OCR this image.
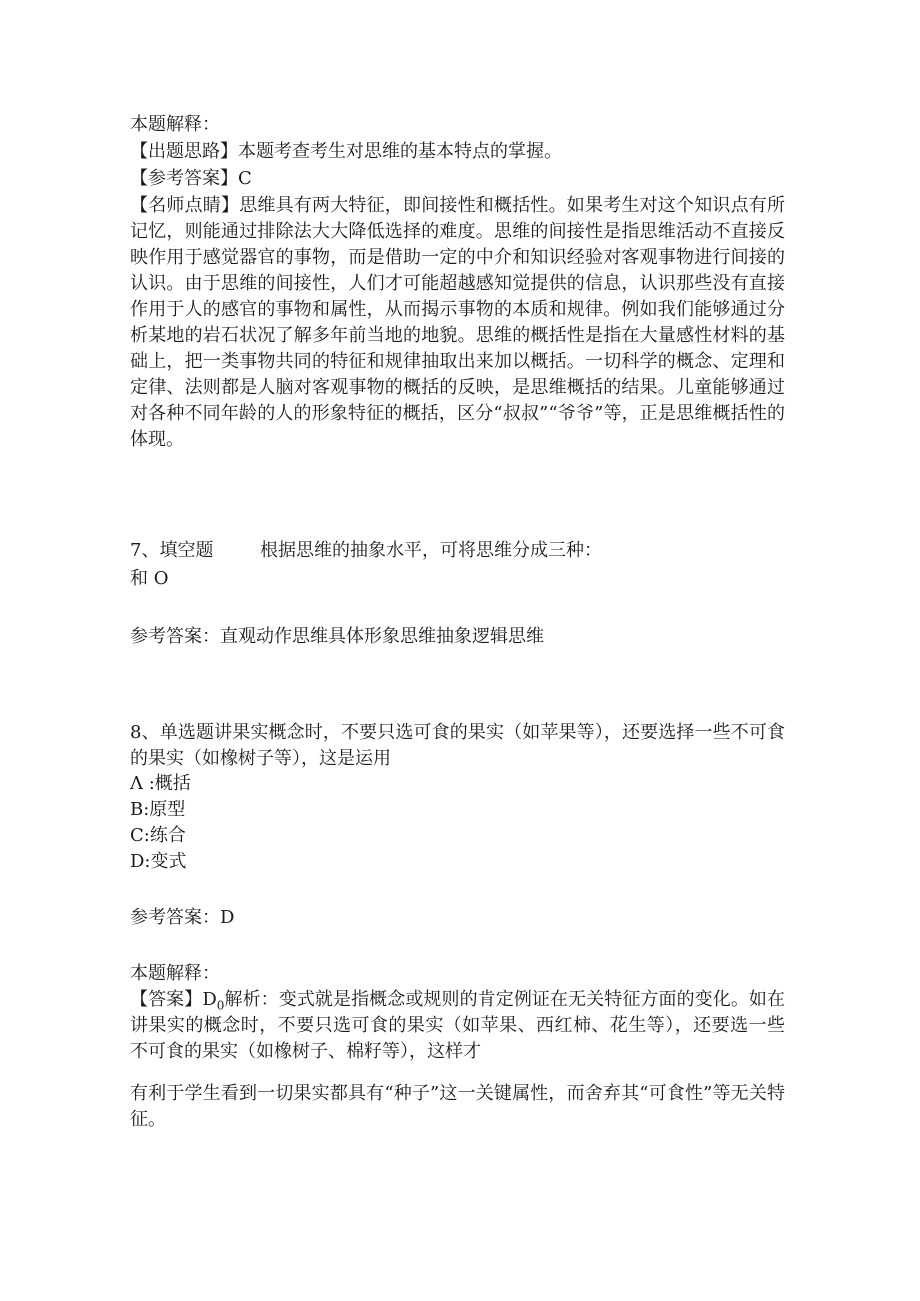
本题解释：
【出题思路】本题考查考生对思维的基本特点的掌握。
【参考答案】C
【名师点睛】思维具有两大特征，即间接性和概括性。如果考生对这个知识点有所记忆，则能通过排除法大大降低选择的难度。思维的间接性是指思维活动不直接反映作用于感觉器官的事物，而是借助一定的中介和知识经验对客观事物进行间接的认识。由于思维的间接性，人们才可能超越感知觉提供的信息，认识那些没有直接作用于人的感官的事物和属性，从而揭示事物的本质和规律。例如我们能够通过分析某地的岩石状况了解多年前当地的地貌。思维的概括性是指在大量感性材料的基础上，把一类事物共同的特征和规律抽取出来加以概括。一切科学的概念、定理和定律、法则都是人脑对客观事物的概括的反映，是思维概括的结果。儿童能够通过对各种不同年龄的人的形象特征的概括，区分“叔叔”“爷爷”等，正是思维概括性的体现。
7、填空题	根据思维的抽象水平，可将思维分成三种：
和 O
参考答案：直观动作思维具体形象思维抽象逻辑思维
8、单选题讲果实概念时，不要只选可食的果实（如苹果等），还要选择一些不可食的果实（如橡树子等），这是运用
Λ :概括
B:原型
C:练合
D:变式
参考答案：D
本题解释：
【答案】$D_0$解析：变式就是指概念或规则的肯定例证在无关特征方面的变化。如在讲果实的概念时，不要只选可食的果实（如苹果、西红柿、花生等），还要选一些不可食的果实（如橡树子、棉籽等），这样才
有利于学生看到一切果实都具有“种子”这一关键属性，而舍弃其“可食性”等无关特征。
